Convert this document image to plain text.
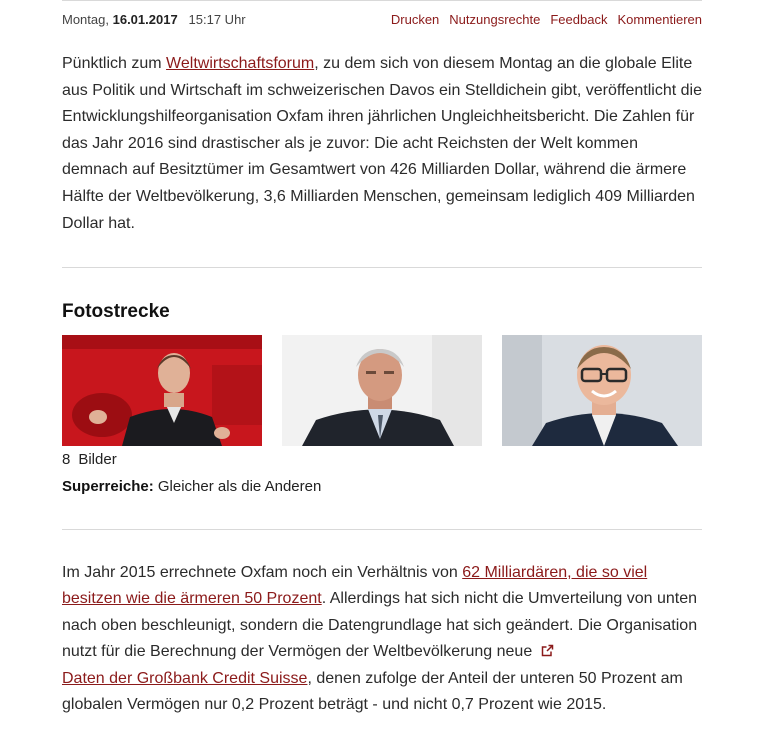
Montag, 16.01.2017 15:17 Uhr	Drucken Nutzungsrechte Feedback Kommentieren

Pünktlich zum Weltwirtschaftsforum, zu dem sich von diesem Montag an die globale Elite aus Politik und Wirtschaft im schweizerischen Davos ein Stelldichein gibt, veröffentlicht die Entwicklungshilfeorganisation Oxfam ihren jährlichen Ungleichheitsbericht. Die Zahlen für das Jahr 2016 sind drastischer als je zuvor: Die acht Reichsten der Welt kommen demnach auf Besitztümer im Gesamtwert von 426 Milliarden Dollar, während die ärmere Hälfte der Weltbevölkerung, 3,6 Milliarden Menschen, gemeinsam lediglich 409 Milliarden Dollar hat.

Fotostrecke
8 Bilder
Superreiche: Gleicher als die Anderen

Im Jahr 2015 errechnete Oxfam noch ein Verhältnis von 62 Milliardären, die so viel besitzen wie die ärmeren 50 Prozent. Allerdings hat sich nicht die Umverteilung von unten nach oben beschleunigt, sondern die Datengrundlage hat sich geändert. Die Organisation nutzt für die Berechnung der Vermögen der Weltbevölkerung neue
Daten der Großbank Credit Suisse, denen zufolge der Anteil der unteren 50 Prozent am globalen Vermögen nur 0,2 Prozent beträgt - und nicht 0,7 Prozent wie 2015.
